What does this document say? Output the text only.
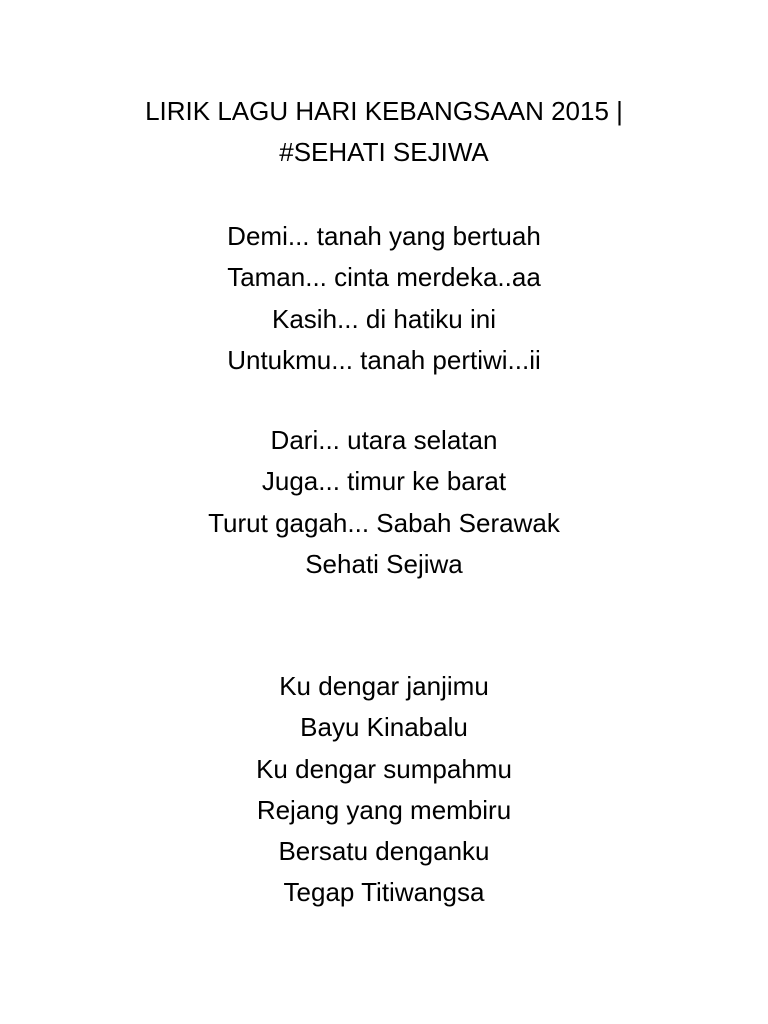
LIRIK LAGU HARI KEBANGSAAN 2015 |
#SEHATI SEJIWA
Demi... tanah yang bertuah
Taman... cinta merdeka..aa
Kasih... di hatiku ini
Untukmu... tanah pertiwi...ii
Dari... utara selatan
Juga... timur ke barat
Turut gagah... Sabah Serawak
Sehati Sejiwa
Ku dengar janjimu
Bayu Kinabalu
Ku dengar sumpahmu
Rejang yang membiru
Bersatu denganku
Tegap Titiwangsa
